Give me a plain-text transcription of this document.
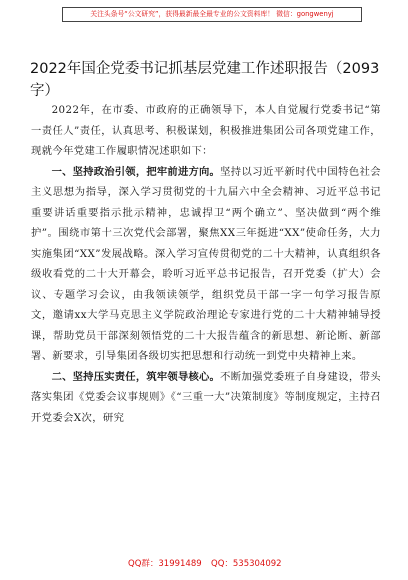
关注头条号“公文研究”，获得最新最全最专业的公文资料库！ 微信：gongwenyj
2022年国企党委书记抓基层党建工作述职报告（2093字）

2022年，在市委、市政府的正确领导下，本人自觉履行党委书记“第一责任人”责任，认真思考、积极谋划，积极推进集团公司各项党建工作，现就今年党建工作履职情况述职如下：

一、坚持政治引领，把牢前进方向。坚持以习近平新时代中国特色社会主义思想为指导，深入学习贯彻党的十九届六中全会精神、习近平总书记重要讲话重要指示批示精神，忠诚捍卫“两个确立”、坚决做到“两个维护”。围绕市第十三次党代会部署，聚焦XX三年挺进“XX”使命任务，大力实施集团“XX”发展战略。深入学习宣传贯彻党的二十大精神，认真组织各级收看党的二十大开幕会，聆听习近平总书记报告，召开党委（扩大）会议、专题学习会议，由我领读领学，组织党员干部一字一句学习报告原文，邀请xx大学马克思主义学院政治理论专家进行党的二十大精神辅导授课，帮助党员干部深刻领悟党的二十大报告蕴含的新思想、新论断、新部署、新要求，引导集团各级切实把思想和行动统一到党中央精神上来。

二、坚持压实责任，筑牢领导核心。不断加强党委班子自身建设，带头落实集团《党委会议事规则》《“三重一大”决策制度》等制度规定，主持召开党委会X次，研究

QQ群：31991489 QQ：535304092
